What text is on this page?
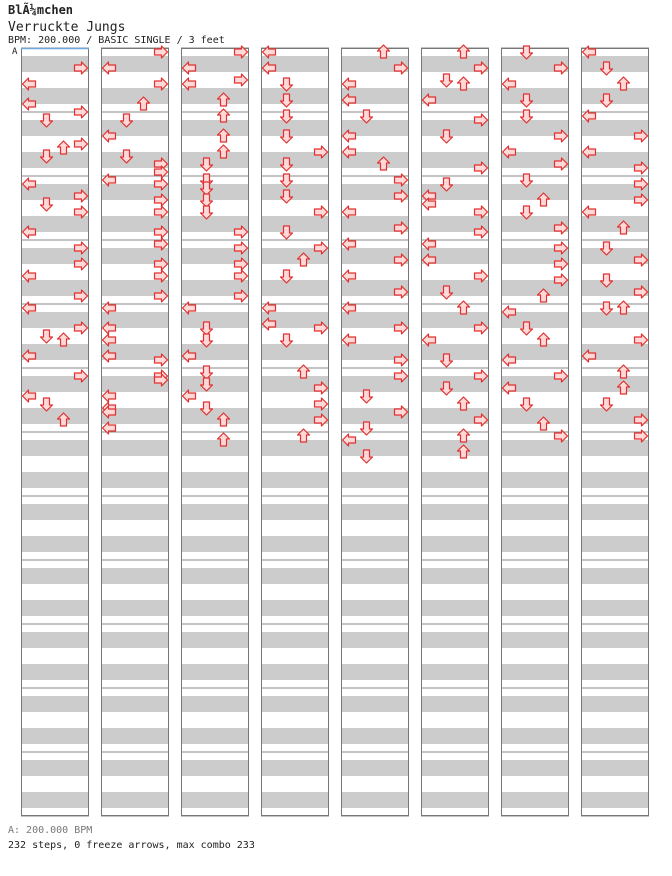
BlÃ¼mchen
Verruckte Jungs
BPM: 200.000 / BASIC SINGLE / 3 feet
A
A: 200.000 BPM
232 steps, 0 freeze arrows, max combo 233
